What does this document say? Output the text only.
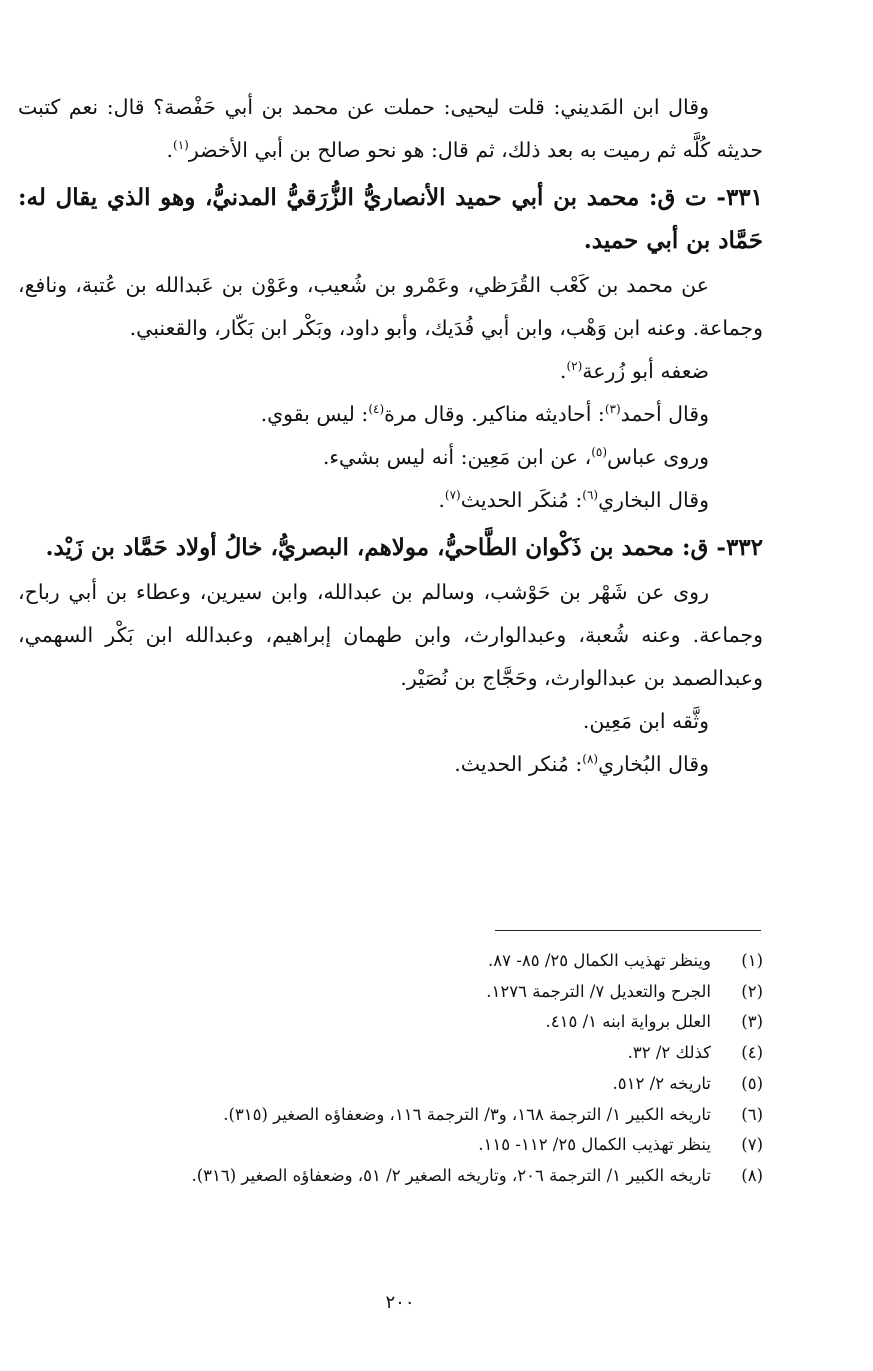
وقال ابن المَديني: قلت ليحيى: حملت عن محمد بن أبي حَفْصة؟ قال: نعم كتبت حديثه كُلَّه ثم رميت به بعد ذلك، ثم قال: هو نحو صالح بن أبي الأخضر$^{(١)}$.

٣٣١- ت ق: محمد بن أبي حميد الأنصاريُّ الزُّرَقيُّ المدنيُّ، وهو الذي يقال له: حَمَّاد بن أبي حميد.

عن محمد بن كَعْب القُرَظي، وعَمْرو بن شُعيب، وعَوْن بن عَبدالله بن عُتبة، ونافع، وجماعة. وعنه ابن وَهْب، وابن أبي فُدَيك، وأبو داود، وبَكْر ابن بَكّار، والقعنبي.

ضعفه أبو زُرعة$^{(٢)}$.

وقال أحمد$^{(٣)}$: أحاديثه مناكير. وقال مرة$^{(٤)}$: ليس بقوي.

وروى عباس$^{(٥)}$، عن ابن مَعِين: أنه ليس بشيء.

وقال البخاري$^{(٦)}$: مُنكَر الحديث$^{(٧)}$.

٣٣٢- ق: محمد بن ذَكْوان الطَّاحيُّ، مولاهم، البصريُّ، خالُ أولاد حَمَّاد بن زَيْد.

روى عن شَهْر بن حَوْشب، وسالم بن عبدالله، وابن سيرين، وعطاء بن أبي رباح، وجماعة. وعنه شُعبة، وعبدالوارث، وابن طهمان إبراهيم، وعبدالله ابن بَكْر السهمي، وعبدالصمد بن عبدالوارث، وحَجَّاج بن نُصَيْر.

وثَّقه ابن مَعِين.

وقال البُخاري$^{(٨)}$: مُنكر الحديث.

(١)
وينظر تهذيب الكمال ٢٥/ ٨٥- ٨٧.
(٢)
الجرح والتعديل ٧/ الترجمة ١٢٧٦.
(٣)
العلل برواية ابنه ١/ ٤١٥.
(٤)
كذلك ٢/ ٣٢.
(٥)
تاريخه ٢/ ٥١٢.
(٦)
تاريخه الكبير ١/ الترجمة ١٦٨، و٣/ الترجمة ١١٦، وضعفاؤه الصغير (٣١٥).
(٧)
ينظر تهذيب الكمال ٢٥/ ١١٢- ١١٥.
(٨)
تاريخه الكبير ١/ الترجمة ٢٠٦، وتاريخه الصغير ٢/ ٥١، وضعفاؤه الصغير (٣١٦).
٢٠٠
